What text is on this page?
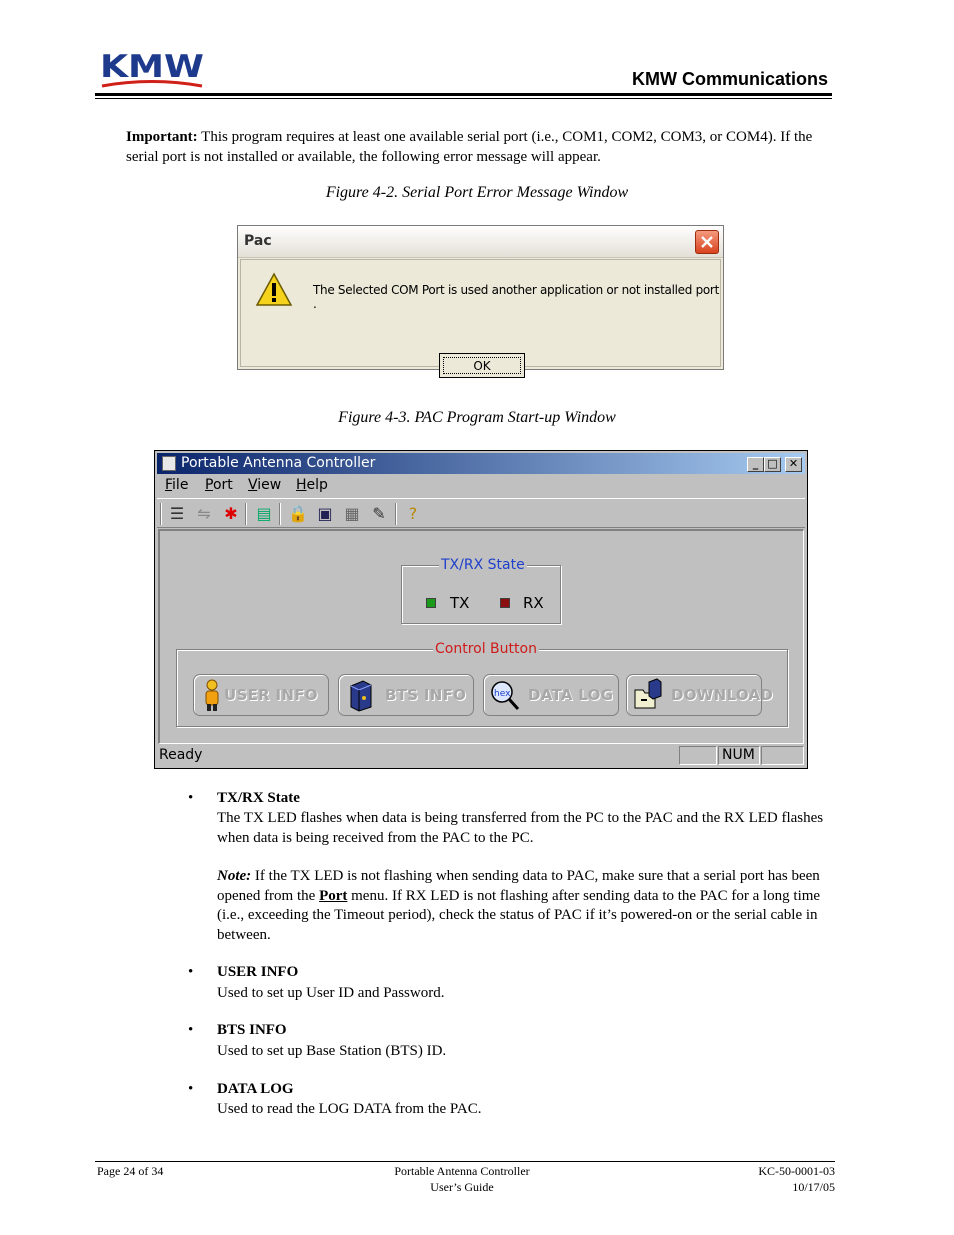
KMW	KMW Communications
Important: This program requires at least one available serial port (i.e., COM1, COM2, COM3, or COM4). If the serial port is not installed or available, the following error message will appear.
Figure 4-2. Serial Port Error Message Window
Pac
The Selected COM Port is used another application or not installed port .
OK
Figure 4-3. PAC Program Start-up Window
Portable Antenna Controller	_ □	✕
File Port View Help
☰ ⇋ ✱ ▤ 🔒 ▣ ▦ ✎	?
TX/RX State
TX	RX
Control Button
USER INFO	BTS INFO	hex DATA LOG	DOWNLOAD
Ready	NUM
• TX/RX State
The TX LED flashes when data is being transferred from the PC to the PAC and the RX LED flashes when data is being received from the PAC to the PC.
Note: If the TX LED is not flashing when sending data to PAC, make sure that a serial port has been opened from the Port menu. If RX LED is not flashing after sending data to the PAC for a long time (i.e., exceeding the Timeout period), check the status of PAC if it’s powered-on or the serial cable in between.
• USER INFO
Used to set up User ID and Password.
• BTS INFO
Used to set up Base Station (BTS) ID.
• DATA LOG
Used to read the LOG DATA from the PAC.
Page 24 of 34	Portable Antenna Controller
User’s Guide
KC-50-0001-03
10/17/05
